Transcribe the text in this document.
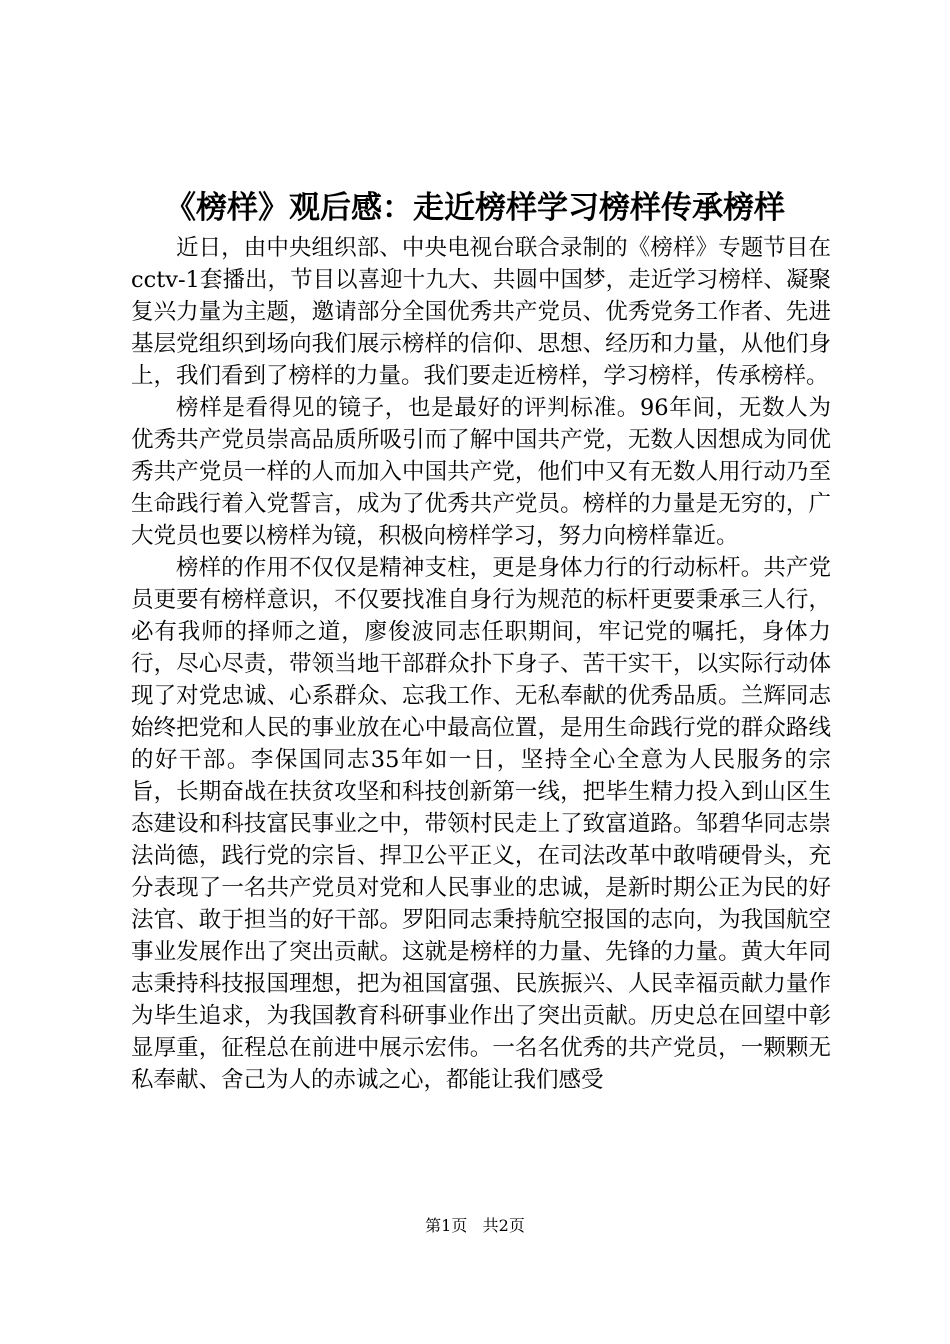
《榜样》观后感：走近榜样学习榜样传承榜样

近日，由中央组织部、中央电视台联合录制的《榜样》专题节目在cctv-1套播出，节目以喜迎十九大、共圆中国梦，走近学习榜样、凝聚复兴力量为主题，邀请部分全国优秀共产党员、优秀党务工作者、先进基层党组织到场向我们展示榜样的信仰、思想、经历和力量，从他们身上，我们看到了榜样的力量。我们要走近榜样，学习榜样，传承榜样。

榜样是看得见的镜子，也是最好的评判标准。96年间，无数人为优秀共产党员崇高品质所吸引而了解中国共产党，无数人因想成为同优秀共产党员一样的人而加入中国共产党，他们中又有无数人用行动乃至生命践行着入党誓言，成为了优秀共产党员。榜样的力量是无穷的，广大党员也要以榜样为镜，积极向榜样学习，努力向榜样靠近。

榜样的作用不仅仅是精神支柱，更是身体力行的行动标杆。共产党员更要有榜样意识，不仅要找准自身行为规范的标杆更要秉承三人行，必有我师的择师之道，廖俊波同志任职期间，牢记党的嘱托，身体力行，尽心尽责，带领当地干部群众扑下身子、苦干实干，以实际行动体现了对党忠诚、心系群众、忘我工作、无私奉献的优秀品质。兰辉同志始终把党和人民的事业放在心中最高位置，是用生命践行党的群众路线的好干部。李保国同志35年如一日，坚持全心全意为人民服务的宗旨，长期奋战在扶贫攻坚和科技创新第一线，把毕生精力投入到山区生态建设和科技富民事业之中，带领村民走上了致富道路。邹碧华同志崇法尚德，践行党的宗旨、捍卫公平正义，在司法改革中敢啃硬骨头，充分表现了一名共产党员对党和人民事业的忠诚，是新时期公正为民的好法官、敢于担当的好干部。罗阳同志秉持航空报国的志向，为我国航空事业发展作出了突出贡献。这就是榜样的力量、先锋的力量。黄大年同志秉持科技报国理想，把为祖国富强、民族振兴、人民幸福贡献力量作为毕生追求，为我国教育科研事业作出了突出贡献。历史总在回望中彰显厚重，征程总在前进中展示宏伟。一名名优秀的共产党员，一颗颗无私奉献、舍己为人的赤诚之心，都能让我们感受

第1页 共2页
